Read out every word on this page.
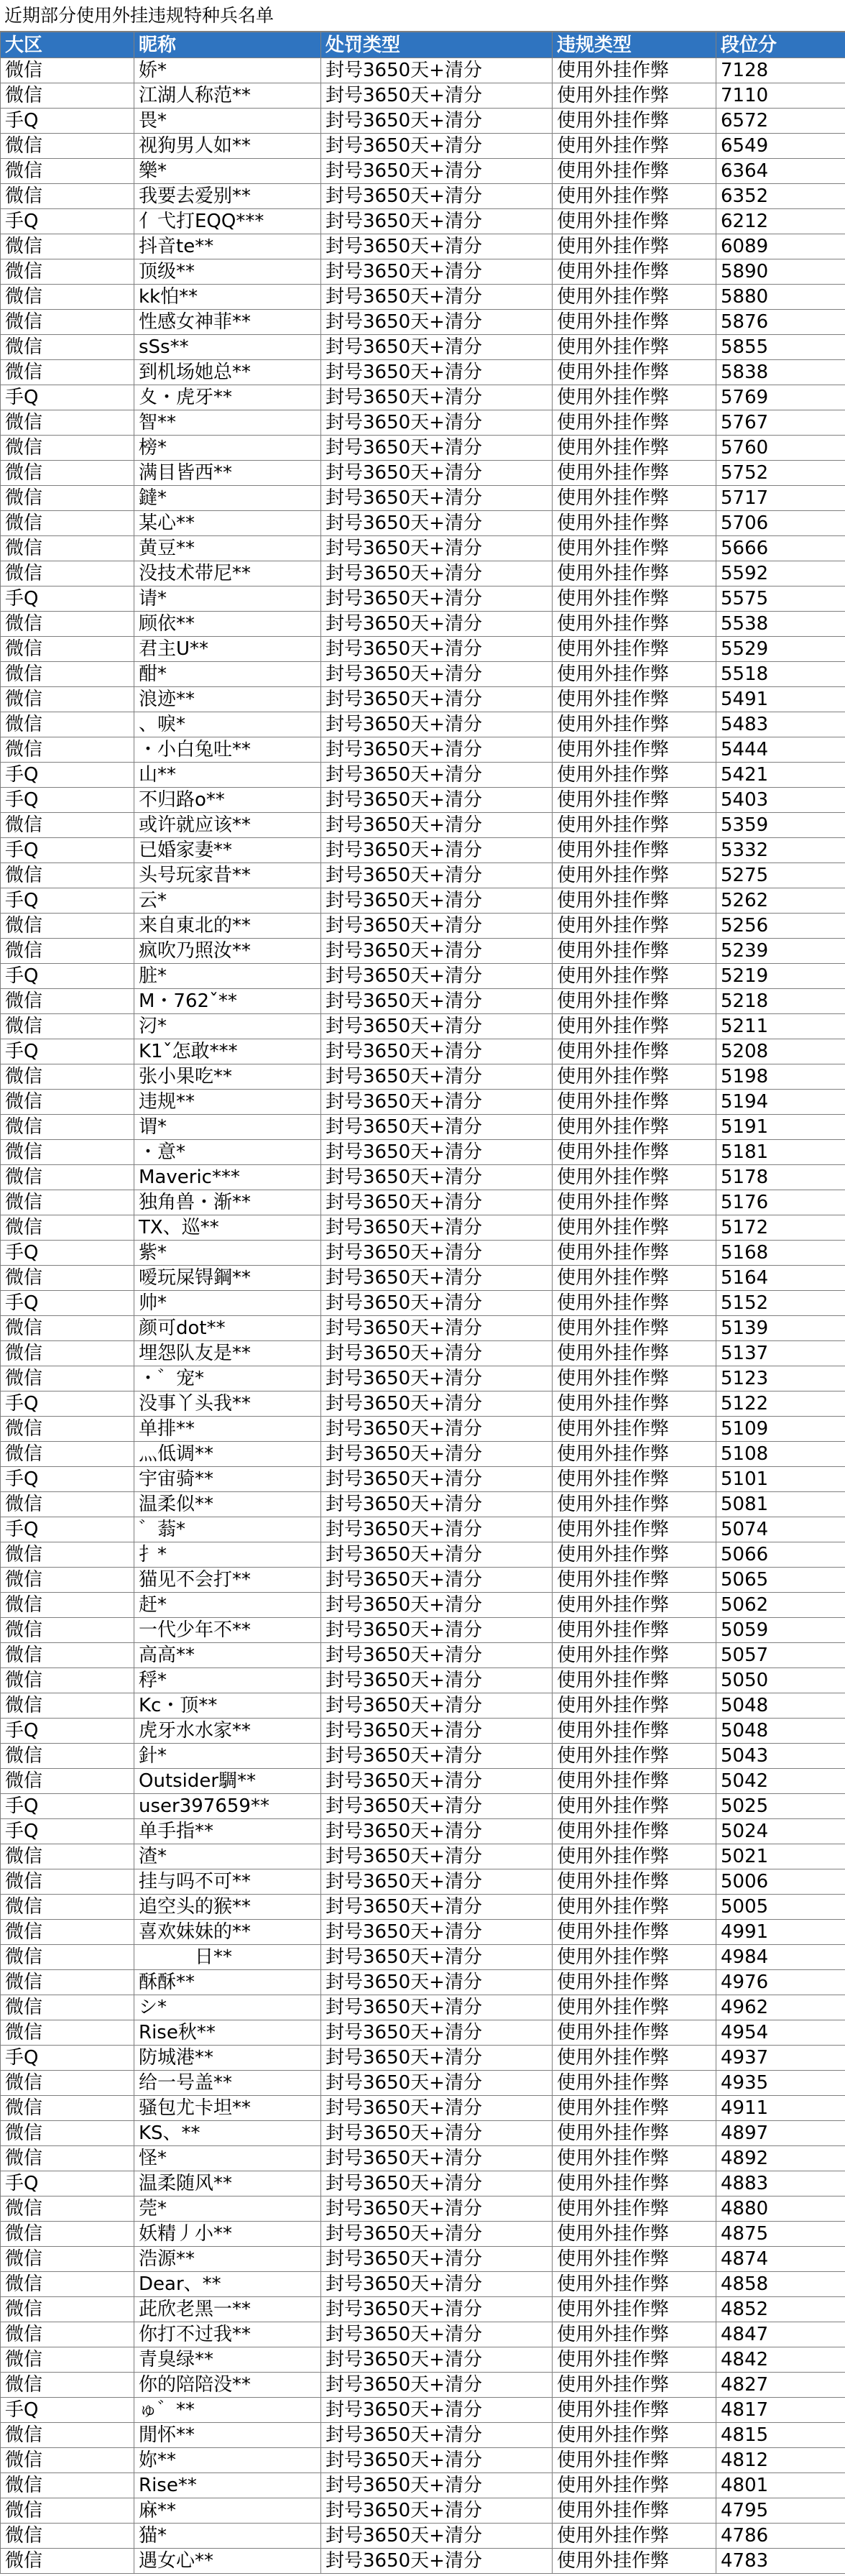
近期部分使用外挂违规特种兵名单
大区	昵称	处罚类型	违规类型	段位分
微信	娇*	封号3650天+清分	使用外挂作弊	7128
微信	江湖人称范**	封号3650天+清分	使用外挂作弊	7110
手Q	畏*	封号3650天+清分	使用外挂作弊	6572
微信	视狗男人如**	封号3650天+清分	使用外挂作弊	6549
微信	樂*	封号3650天+清分	使用外挂作弊	6364
微信	我要去爱别**	封号3650天+清分	使用外挂作弊	6352
手Q	亻弋打EQQ***	封号3650天+清分	使用外挂作弊	6212
微信	抖音te**	封号3650天+清分	使用外挂作弊	6089
微信	顶级**	封号3650天+清分	使用外挂作弊	5890
微信	kk怕**	封号3650天+清分	使用外挂作弊	5880
微信	性感女神菲**	封号3650天+清分	使用外挂作弊	5876
微信	sSs**	封号3650天+清分	使用外挂作弊	5855
微信	到机场她总**	封号3650天+清分	使用外挂作弊	5838
手Q	夊・虎牙**	封号3650天+清分	使用外挂作弊	5769
微信	智**	封号3650天+清分	使用外挂作弊	5767
微信	榜*	封号3650天+清分	使用外挂作弊	5760
微信	满目皆西**	封号3650天+清分	使用外挂作弊	5752
微信	鐽*	封号3650天+清分	使用外挂作弊	5717
微信	某心**	封号3650天+清分	使用外挂作弊	5706
微信	黄豆**	封号3650天+清分	使用外挂作弊	5666
微信	没技术带尼**	封号3650天+清分	使用外挂作弊	5592
手Q	请*	封号3650天+清分	使用外挂作弊	5575
微信	顾依**	封号3650天+清分	使用外挂作弊	5538
微信	君主U**	封号3650天+清分	使用外挂作弊	5529
微信	酣*	封号3650天+清分	使用外挂作弊	5518
微信	浪迹**	封号3650天+清分	使用外挂作弊	5491
微信	、唳*	封号3650天+清分	使用外挂作弊	5483
微信	・小白兔吐**	封号3650天+清分	使用外挂作弊	5444
手Q	山**	封号3650天+清分	使用外挂作弊	5421
手Q	不归路o**	封号3650天+清分	使用外挂作弊	5403
微信	或许就应该**	封号3650天+清分	使用外挂作弊	5359
手Q	已婚家妻**	封号3650天+清分	使用外挂作弊	5332
微信	头号玩家昔**	封号3650天+清分	使用外挂作弊	5275
手Q	云*	封号3650天+清分	使用外挂作弊	5262
微信	来自東北的**	封号3650天+清分	使用外挂作弊	5256
微信	疯吹乃照汝**	封号3650天+清分	使用外挂作弊	5239
手Q	脏*	封号3650天+清分	使用外挂作弊	5219
微信	M・762ˇ**	封号3650天+清分	使用外挂作弊	5218
微信	汈*	封号3650天+清分	使用外挂作弊	5211
手Q	K1ˇ怎敢***	封号3650天+清分	使用外挂作弊	5208
微信	张小果吃**	封号3650天+清分	使用外挂作弊	5198
微信	违规**	封号3650天+清分	使用外挂作弊	5194
微信	谓*	封号3650天+清分	使用外挂作弊	5191
微信	・意*	封号3650天+清分	使用外挂作弊	5181
微信	Maveric***	封号3650天+清分	使用外挂作弊	5178
微信	独角兽・渐**	封号3650天+清分	使用外挂作弊	5176
微信	TX、巡**	封号3650天+清分	使用外挂作弊	5172
手Q	紫*	封号3650天+清分	使用外挂作弊	5168
微信	嗳玩屎锝鋼**	封号3650天+清分	使用外挂作弊	5164
手Q	帅*	封号3650天+清分	使用外挂作弊	5152
微信	颜可dot**	封号3650天+清分	使用外挂作弊	5139
微信	埋怨队友是**	封号3650天+清分	使用外挂作弊	5137
微信	・゛宠*	封号3650天+清分	使用外挂作弊	5123
手Q	没事丫头我**	封号3650天+清分	使用外挂作弊	5122
微信	单排**	封号3650天+清分	使用外挂作弊	5109
微信	灬低调**	封号3650天+清分	使用外挂作弊	5108
手Q	宇宙骑**	封号3650天+清分	使用外挂作弊	5101
微信	温柔似**	封号3650天+清分	使用外挂作弊	5081
手Q	゛蓊*	封号3650天+清分	使用外挂作弊	5074
微信	扌*	封号3650天+清分	使用外挂作弊	5066
微信	猫见不会打**	封号3650天+清分	使用外挂作弊	5065
微信	赶*	封号3650天+清分	使用外挂作弊	5062
微信	一代少年不**	封号3650天+清分	使用外挂作弊	5059
微信	高高**	封号3650天+清分	使用外挂作弊	5057
微信	稃*	封号3650天+清分	使用外挂作弊	5050
微信	Kc・顶**	封号3650天+清分	使用外挂作弊	5048
手Q	虎牙水水家**	封号3650天+清分	使用外挂作弊	5048
微信	針*	封号3650天+清分	使用外挂作弊	5043
微信	Outsider騆**	封号3650天+清分	使用外挂作弊	5042
手Q	user397659**	封号3650天+清分	使用外挂作弊	5025
手Q	单手指**	封号3650天+清分	使用外挂作弊	5024
微信	渣*	封号3650天+清分	使用外挂作弊	5021
微信	挂与吗不可**	封号3650天+清分	使用外挂作弊	5006
微信	追空头的猴**	封号3650天+清分	使用外挂作弊	5005
微信	喜欢妹妹的**	封号3650天+清分	使用外挂作弊	4991
微信	　　　日**	封号3650天+清分	使用外挂作弊	4984
微信	酥酥**	封号3650天+清分	使用外挂作弊	4976
微信	シ*	封号3650天+清分	使用外挂作弊	4962
微信	Rise秋**	封号3650天+清分	使用外挂作弊	4954
手Q	防城港**	封号3650天+清分	使用外挂作弊	4937
微信	给一号盖**	封号3650天+清分	使用外挂作弊	4935
微信	骚包尤卡坦**	封号3650天+清分	使用外挂作弊	4911
微信	KS、**	封号3650天+清分	使用外挂作弊	4897
微信	怪*	封号3650天+清分	使用外挂作弊	4892
手Q	温柔随风**	封号3650天+清分	使用外挂作弊	4883
微信	莞*	封号3650天+清分	使用外挂作弊	4880
微信	妖精丿小**	封号3650天+清分	使用外挂作弊	4875
微信	浩源**	封号3650天+清分	使用外挂作弊	4874
微信	Dear、**	封号3650天+清分	使用外挂作弊	4858
微信	茈欣老黑一**	封号3650天+清分	使用外挂作弊	4852
微信	你打不过我**	封号3650天+清分	使用外挂作弊	4847
微信	青臭绿**	封号3650天+清分	使用外挂作弊	4842
微信	你的陪陪没**	封号3650天+清分	使用外挂作弊	4827
手Q	ゅ゛**	封号3650天+清分	使用外挂作弊	4817
微信	閒怀**	封号3650天+清分	使用外挂作弊	4815
微信	妳**	封号3650天+清分	使用外挂作弊	4812
微信	Rise**	封号3650天+清分	使用外挂作弊	4801
微信	麻**	封号3650天+清分	使用外挂作弊	4795
微信	猫*	封号3650天+清分	使用外挂作弊	4786
微信	遇女心**	封号3650天+清分	使用外挂作弊	4783
